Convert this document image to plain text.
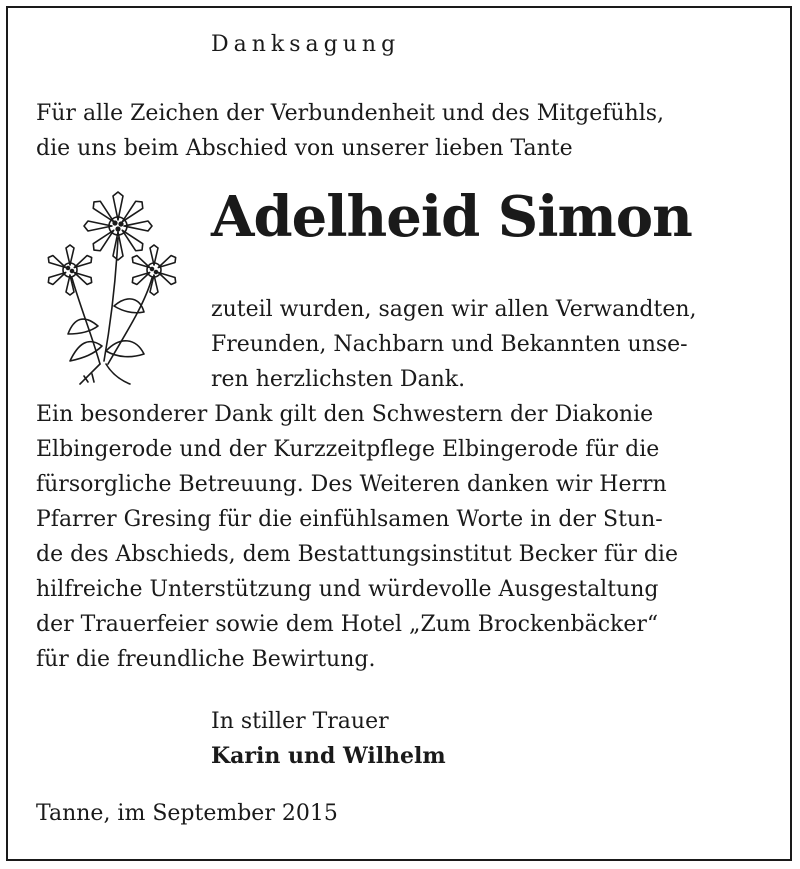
Danksagung
Für alle Zeichen der Verbundenheit und des Mitgefühls,
die uns beim Abschied von unserer lieben Tante
Adelheid Simon
zuteil wurden, sagen wir allen Verwandten,
Freunden, Nachbarn und Bekannten unse-
ren herzlichsten Dank.
Ein besonderer Dank gilt den Schwestern der Diakonie
Elbingerode und der Kurzzeitpflege Elbingerode für die
fürsorgliche Betreuung. Des Weiteren danken wir Herrn
Pfarrer Gresing für die einfühlsamen Worte in der Stun-
de des Abschieds, dem Bestattungsinstitut Becker für die
hilfreiche Unterstützung und würdevolle Ausgestaltung
der Trauerfeier sowie dem Hotel „Zum Brockenbäcker“
für die freundliche Bewirtung.
In stiller Trauer
Karin und Wilhelm
Tanne, im September 2015
